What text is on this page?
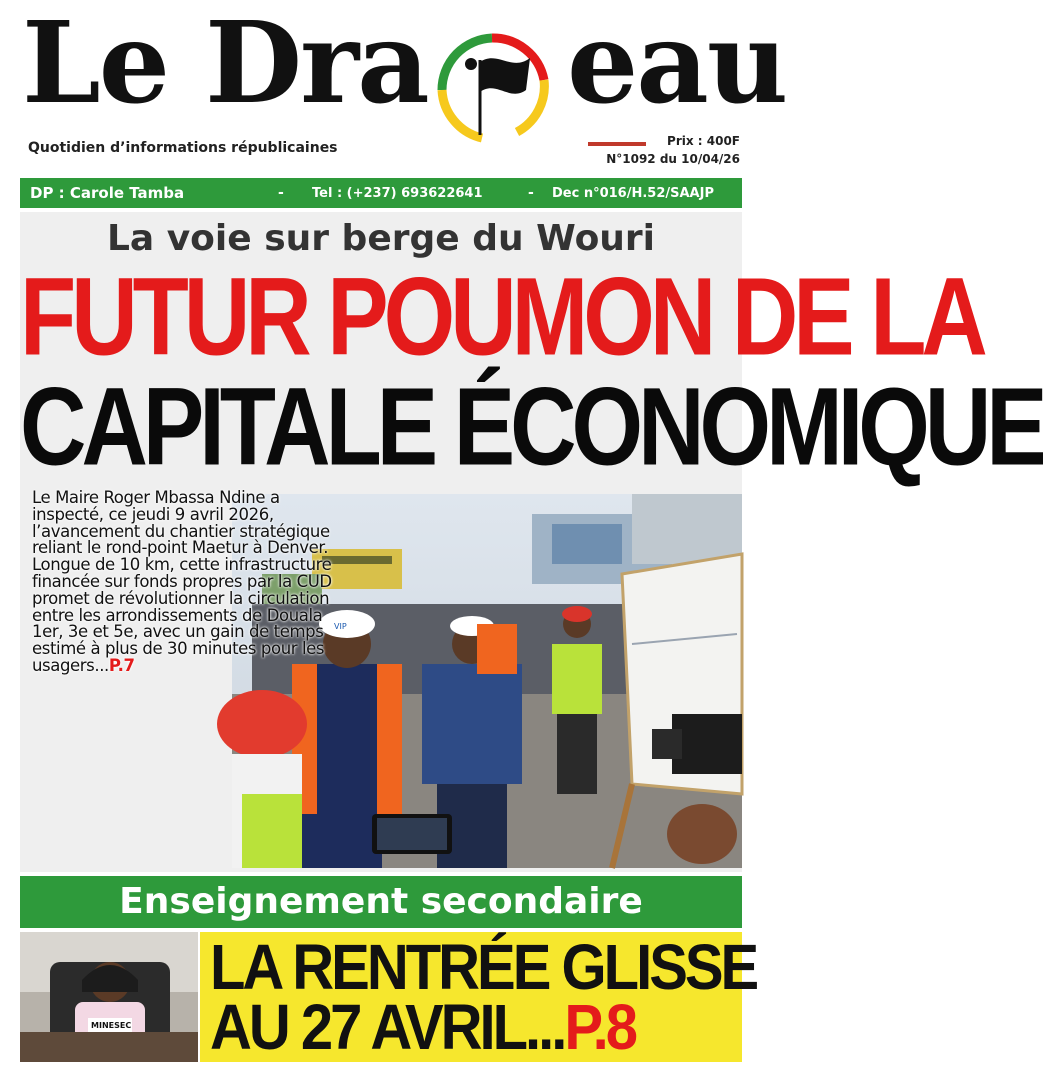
Le Dra eau
Quotidien d’informations républicaines	Prix : 400F
N°1092 du 10/04/26
DP : Carole Tamba	- Tel : (+237) 693622641	- Dec n°016/H.52/SAAJP
La voie sur berge du Wouri
FUTUR POUMON DE LA
CAPITALE ÉCONOMIQUE
VIP
Le Maire Roger Mbassa Ndine a inspecté, ce jeudi 9 avril 2026, l’avancement du chantier stratégique reliant le rond-point Maetur à Denver. Longue de 10 km, cette infrastructure financée sur fonds propres par la CUD promet de révolutionner la circulation entre les arrondissements de Douala 1er, 3e et 5e, avec un gain de temps estimé à plus de 30 minutes pour les usagers...P.7
Enseignement secondaire
MINESEC
LA RENTRÉE GLISSE
AU 27 AVRIL...P.8
